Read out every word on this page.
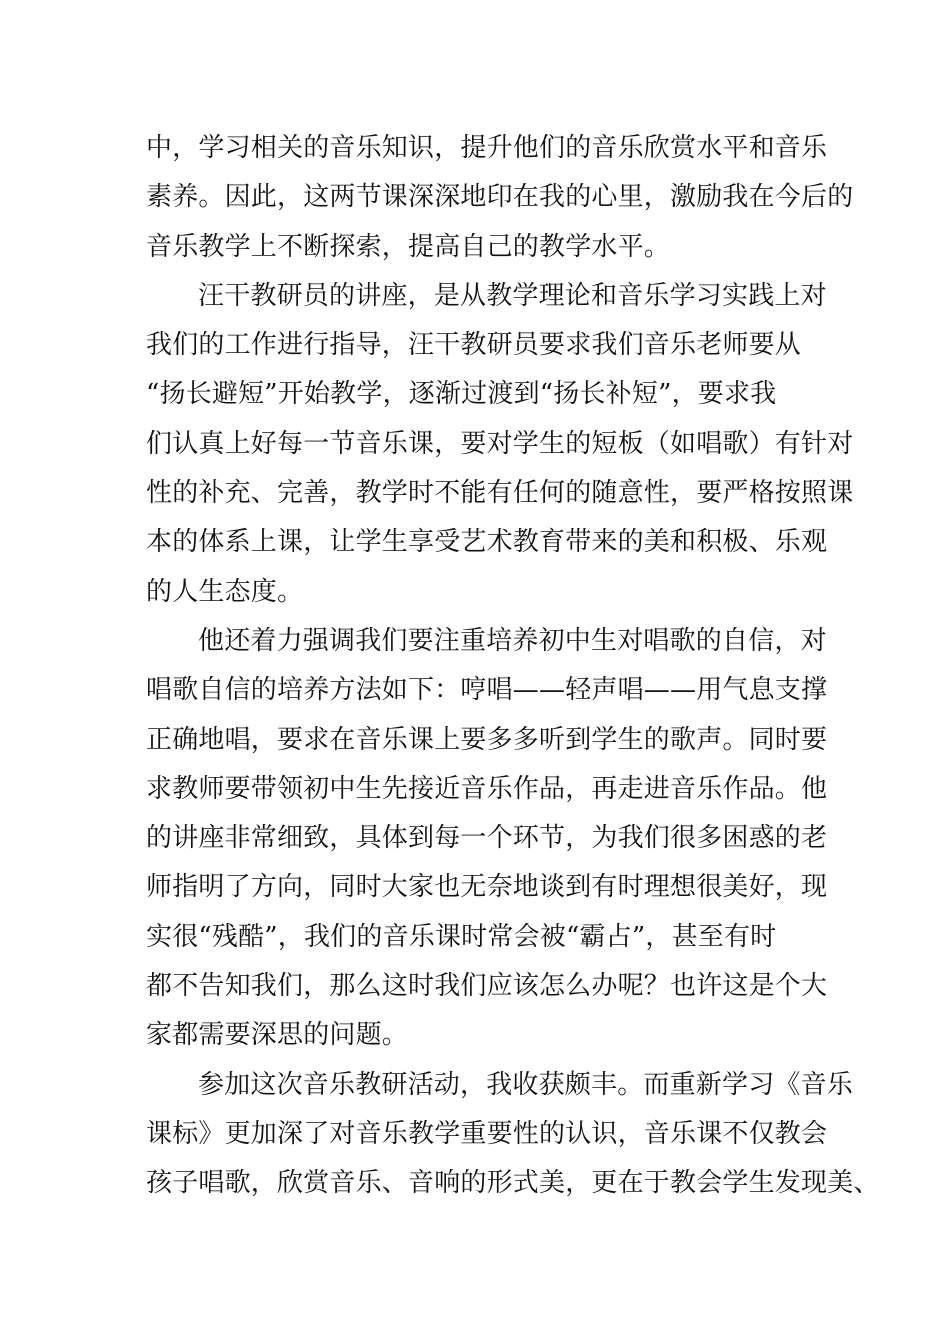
中，学习相关的音乐知识，提升他们的音乐欣赏水平和音乐
素养。因此，这两节课深深地印在我的心里，激励我在今后的
音乐教学上不断探索，提高自己的教学水平。
汪干教研员的讲座，是从教学理论和音乐学习实践上对
我们的工作进行指导，汪干教研员要求我们音乐老师要从
“扬长避短”开始教学，逐渐过渡到“扬长补短”，要求我
们认真上好每一节音乐课，要对学生的短板（如唱歌）有针对
性的补充、完善，教学时不能有任何的随意性，要严格按照课
本的体系上课，让学生享受艺术教育带来的美和积极、乐观
的人生态度。
他还着力强调我们要注重培养初中生对唱歌的自信，对
唱歌自信的培养方法如下：哼唱——轻声唱——用气息支撑
正确地唱，要求在音乐课上要多多听到学生的歌声。同时要
求教师要带领初中生先接近音乐作品，再走进音乐作品。他
的讲座非常细致，具体到每一个环节，为我们很多困惑的老
师指明了方向，同时大家也无奈地谈到有时理想很美好，现
实很“残酷”，我们的音乐课时常会被“霸占”，甚至有时
都不告知我们，那么这时我们应该怎么办呢？也许这是个大
家都需要深思的问题。
参加这次音乐教研活动，我收获颇丰。而重新学习《音乐
课标》更加深了对音乐教学重要性的认识，音乐课不仅教会
孩子唱歌，欣赏音乐、音响的形式美，更在于教会学生发现美、
